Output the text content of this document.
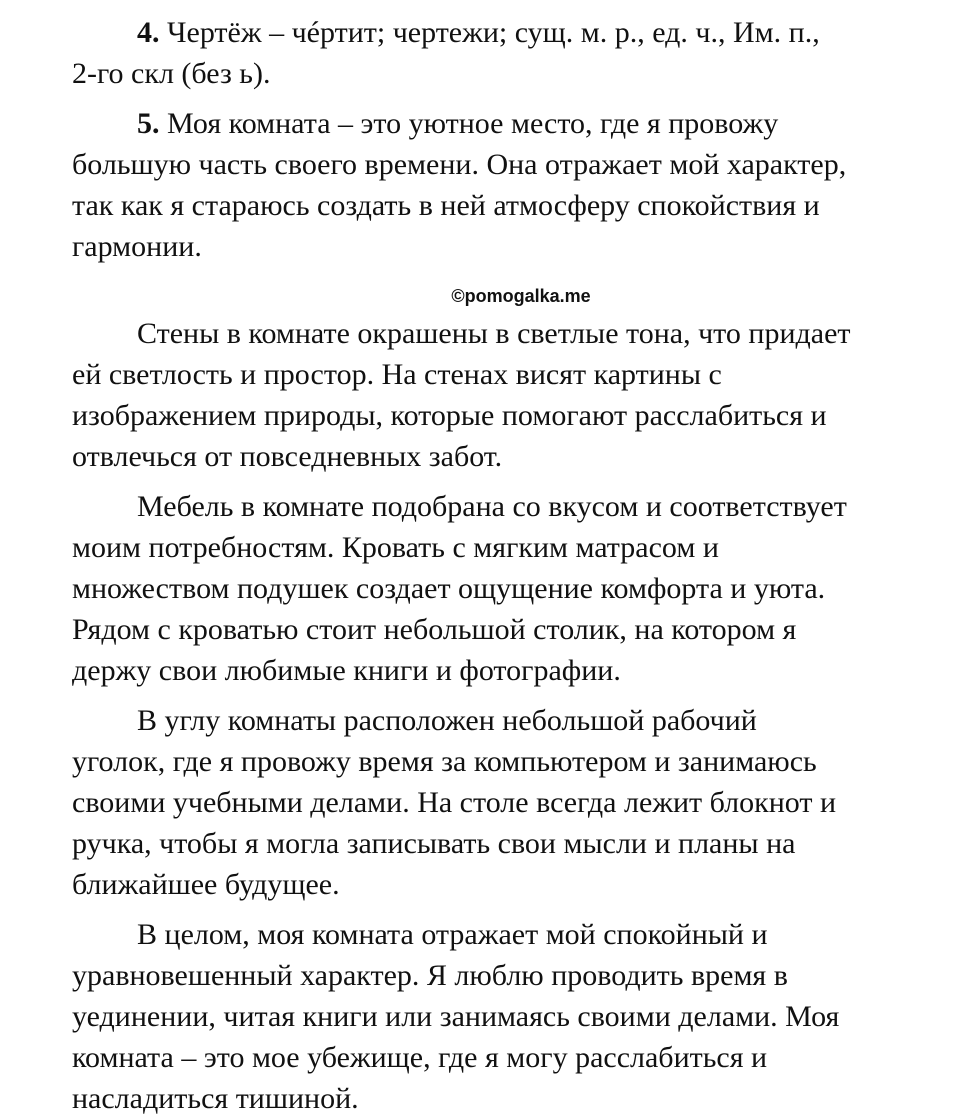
4. Чертёж – чéртит; чертежи; сущ. м. р., ед. ч., Им. п.,
2-го скл (без ь).

5. Моя комната – это уютное место, где я провожу
большую часть своего времени. Она отражает мой характер,
так как я стараюсь создать в ней атмосферу спокойствия и
гармонии.

©pomogalka.me

Стены в комнате окрашены в светлые тона, что придает
ей светлость и простор. На стенах висят картины с
изображением природы, которые помогают расслабиться и
отвлечься от повседневных забот.

Мебель в комнате подобрана со вкусом и соответствует
моим потребностям. Кровать с мягким матрасом и
множеством подушек создает ощущение комфорта и уюта.
Рядом с кроватью стоит небольшой столик, на котором я
держу свои любимые книги и фотографии.

В углу комнаты расположен небольшой рабочий
уголок, где я провожу время за компьютером и занимаюсь
своими учебными делами. На столе всегда лежит блокнот и
ручка, чтобы я могла записывать свои мысли и планы на
ближайшее будущее.

В целом, моя комната отражает мой спокойный и
уравновешенный характер. Я люблю проводить время в
уединении, читая книги или занимаясь своими делами. Моя
комната – это мое убежище, где я могу расслабиться и
насладиться тишиной.
